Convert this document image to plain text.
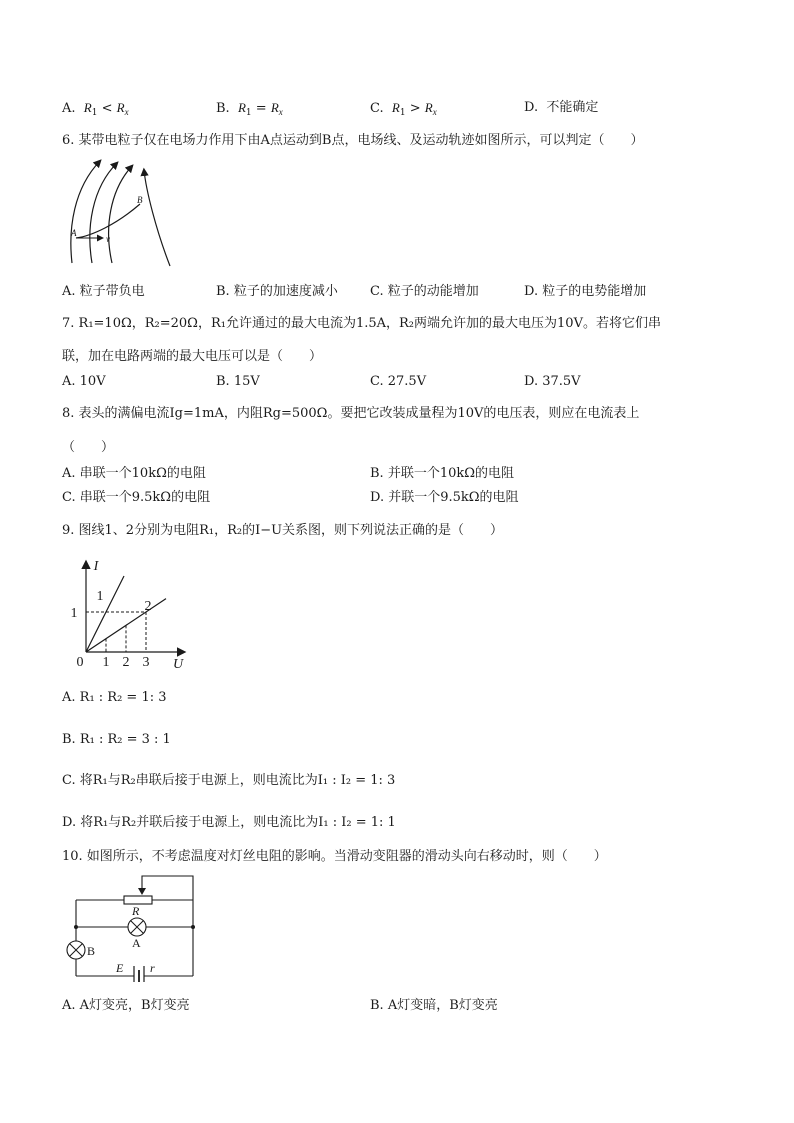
A. $R_1 < R_x$	B. $R_1 = R_x$	C. $R_1 > R_x$	D. 不能确定
6. 某带电粒子仅在电场力作用下由A点运动到B点，电场线、及运动轨迹如图所示，可以判定（　　）
A
v
B
A. 粒子带负电	B. 粒子的加速度减小 C. 粒子的动能增加	D. 粒子的电势能增加
7. R₁=10Ω，R₂=20Ω，R₁允许通过的最大电流为1.5A，R₂两端允许加的最大电压为10V。若将它们串
联，加在电路两端的最大电压可以是（　　）
A. 10V	B. 15V	C. 27.5V	D. 37.5V
8. 表头的满偏电流Ig=1mA，内阻Rg=500Ω。要把它改装成量程为10V的电压表，则应在电流表上
（　　）
A. 串联一个10kΩ的电阻	B. 并联一个10kΩ的电阻
C. 串联一个9.5kΩ的电阻	D. 并联一个9.5kΩ的电阻
9. 图线1、2分别为电阻R₁，R₂的I−U关系图，则下列说法正确的是（　　）
I
U
0 1 2 3
1
1
2
A. R₁ : R₂ = 1: 3
B. R₁ : R₂ = 3 : 1
C. 将R₁与R₂串联后接于电源上，则电流比为I₁ : I₂ = 1: 3
D. 将R₁与R₂并联后接于电源上，则电流比为I₁ : I₂ = 1: 1
10. 如图所示，不考虑温度对灯丝电阻的影响。当滑动变阻器的滑动头向右移动时，则（　　）
R
A
B
E r
A. A灯变亮，B灯变亮	B. A灯变暗，B灯变亮
